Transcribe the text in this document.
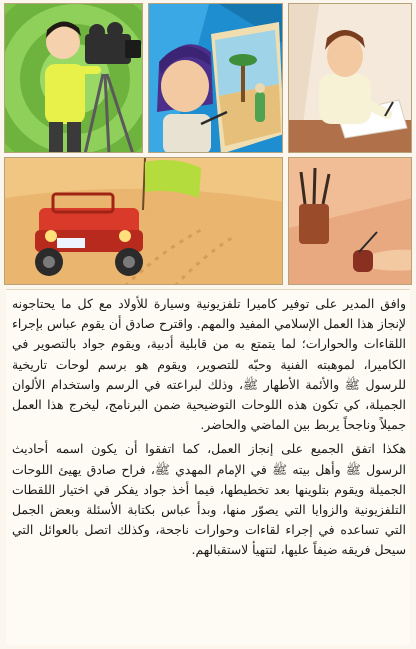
وافق المدير على توفير كاميرا تلفزيونية وسيارة للأولاد مع كل ما يحتاجونه لإنجاز هذا العمل الإسلامي المفيد والمهم. واقترح صادق أن يقوم عباس بإجراء اللقاءات والحوارات؛ لما يتمتع به من قابلية أدبية، ويقوم جواد بالتصوير في الكاميرا، لموهبته الفنية وحبّه للتصوير، ويقوم هو برسم لوحات تاريخية للرسول ﷺ والأئمة الأطهار ﷺ، وذلك لبراعته في الرسم واستخدام الألوان الجميلة، كي تكون هذه اللوحات التوضيحية ضمن البرنامج، ليخرج هذا العمل جميلاً وناجحاً يربط بين الماضي والحاضر.

هكذا اتفق الجميع على إنجاز العمل، كما اتفقوا أن يكون اسمه أحاديث الرسول ﷺ وأهل بيته ﷺ في الإمام المهدي ﷺ، فراح صادق يهيئ اللوحات الجميلة ويقوم بتلوينها بعد تخطيطها، فيما أخذ جواد يفكر في اختيار اللقطات التلفزيونية والزوايا التي يصوّر منها، وبدأ عباس بكتابة الأسئلة وبعض الجمل التي تساعده في إجراء لقاءات وحوارات ناجحة، وكذلك اتصل بالعوائل التي سيحل فريقه ضيفاً عليها، لتتهيأ لاستقبالهم.
